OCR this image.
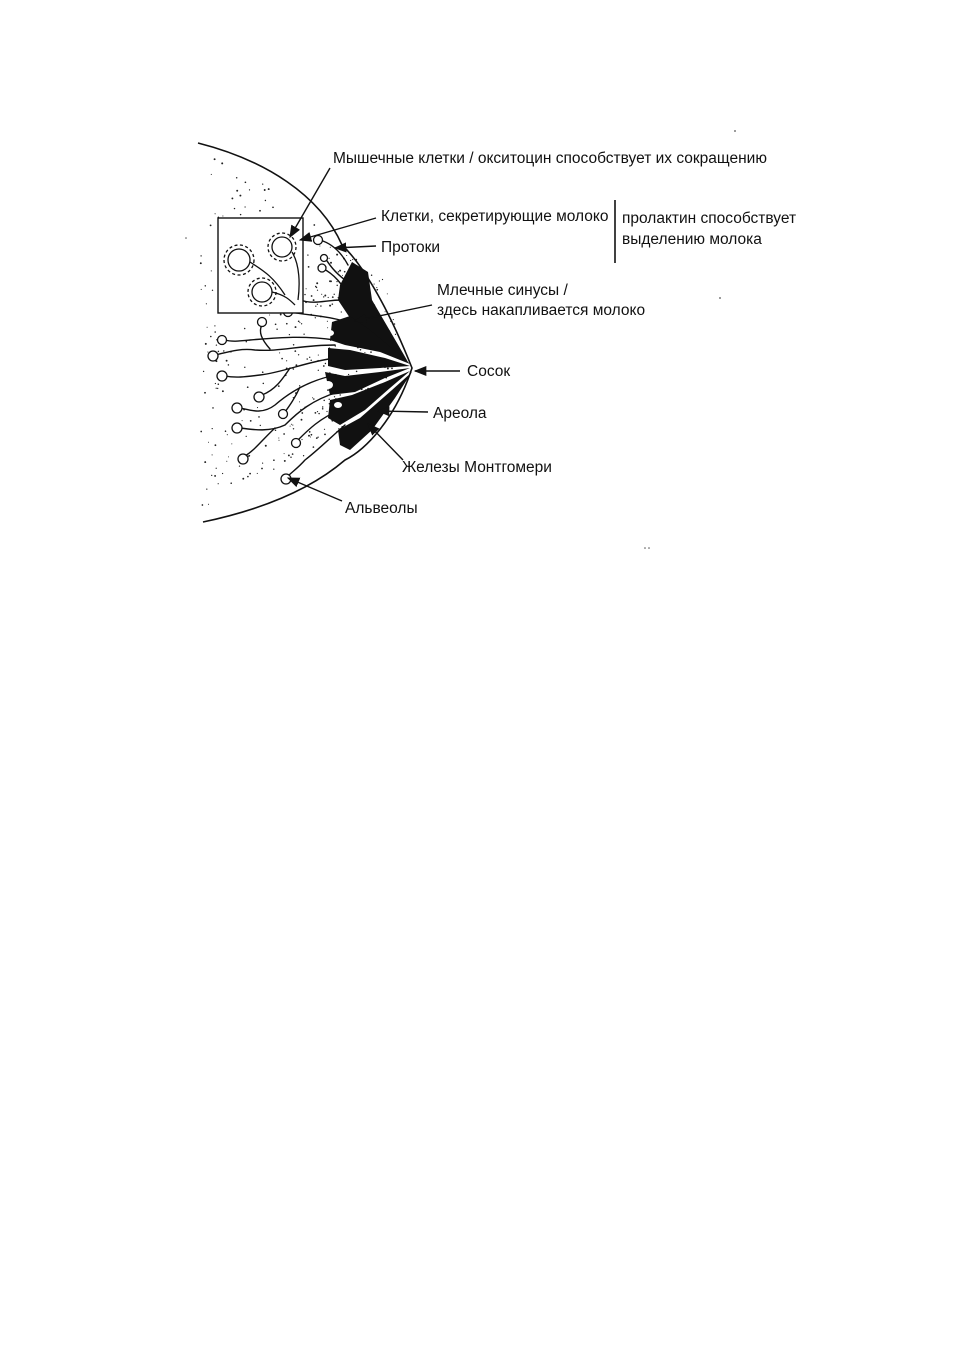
Мышечные клетки / окситоцин способствует их сокращению
Клетки, секретирующие молоко
Протоки
пролактин способствует
выделению молока
Млечные синусы /
здесь накапливается молоко
Сосок
Ареола
Железы Монтгомери
Альвеолы
